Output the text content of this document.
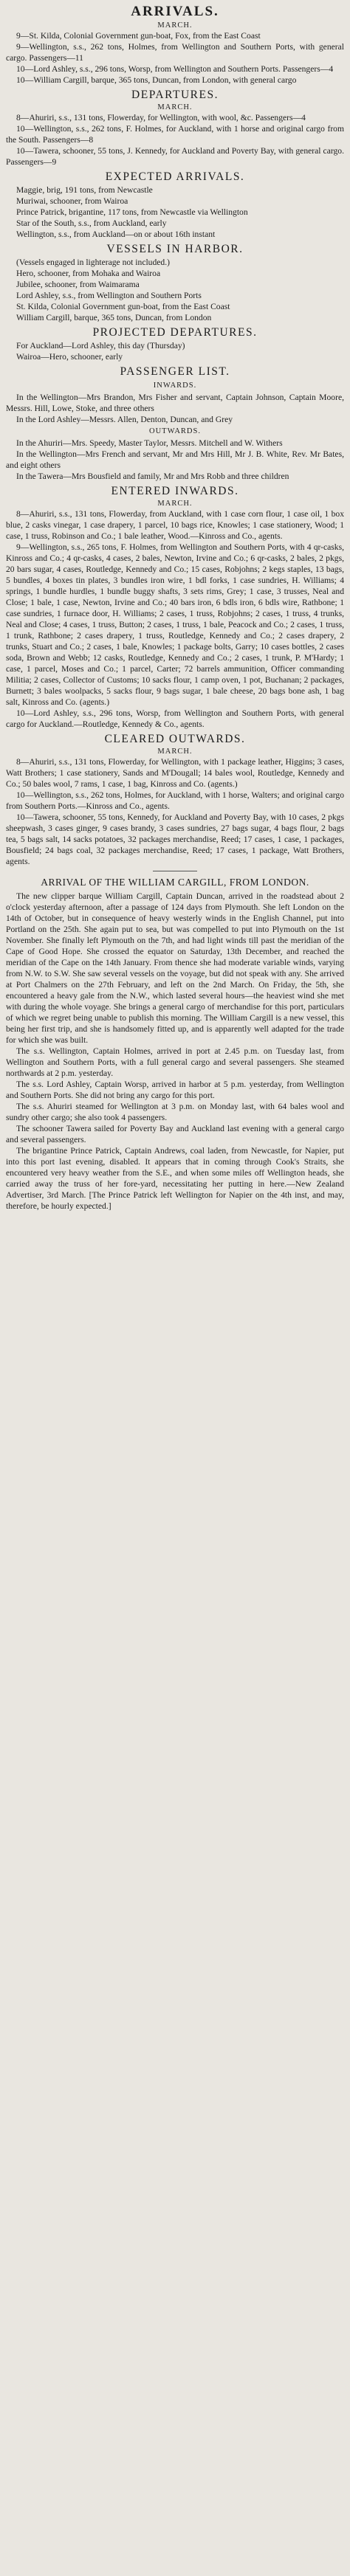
ARRIVALS.
MARCH.

9—St. Kilda, Colonial Government gun-boat, Fox, from the East Coast

9—Wellington, s.s., 262 tons, Holmes, from Wellington and Southern Ports, with general cargo. Passengers—11

10—Lord Ashley, s.s., 296 tons, Worsp, from Wellington and Southern Ports. Passengers—4

10—William Cargill, barque, 365 tons, Duncan, from London, with general cargo

DEPARTURES.
MARCH.

8—Ahuriri, s.s., 131 tons, Flowerday, for Wellington, with wool, &c. Passengers—4

10—Wellington, s.s., 262 tons, F. Holmes, for Auckland, with 1 horse and original cargo from the South. Passengers—8

10—Tawera, schooner, 55 tons, J. Kennedy, for Auckland and Poverty Bay, with general cargo. Passengers—9

EXPECTED ARRIVALS.

Maggie, brig, 191 tons, from Newcastle

Muriwai, schooner, from Wairoa

Prince Patrick, brigantine, 117 tons, from Newcastle via Wellington

Star of the South, s.s., from Auckland, early

Wellington, s.s., from Auckland—on or about 16th instant

VESSELS IN HARBOR.

(Vessels engaged in lighterage not included.)

Hero, schooner, from Mohaka and Wairoa

Jubilee, schooner, from Waimarama

Lord Ashley, s.s., from Wellington and Southern Ports

St. Kilda, Colonial Government gun-boat, from the East Coast

William Cargill, barque, 365 tons, Duncan, from London

PROJECTED DEPARTURES.

For Auckland—Lord Ashley, this day (Thursday)

Wairoa—Hero, schooner, early

PASSENGER LIST.
INWARDS.

In the Wellington—Mrs Brandon, Mrs Fisher and servant, Captain Johnson, Captain Moore, Messrs. Hill, Lowe, Stoke, and three others

In the Lord Ashley—Messrs. Allen, Denton, Duncan, and Grey

OUTWARDS.

In the Ahuriri—Mrs. Speedy, Master Taylor, Messrs. Mitchell and W. Withers

In the Wellington—Mrs French and servant, Mr and Mrs Hill, Mr J. B. White, Rev. Mr Bates, and eight others

In the Tawera—Mrs Bousfield and family, Mr and Mrs Robb and three children

ENTERED INWARDS.
MARCH.

8—Ahuriri, s.s., 131 tons, Flowerday, from Auckland, with 1 case corn flour, 1 case oil, 1 box blue, 2 casks vinegar, 1 case drapery, 1 parcel, 10 bags rice, Knowles; 1 case stationery, Wood; 1 case, 1 truss, Robinson and Co.; 1 bale leather, Wood.—Kinross and Co., agents.

9—Wellington, s.s., 265 tons, F. Holmes, from Wellington and Southern Ports, with 4 qr-casks, Kinross and Co.; 4 qr-casks, 4 cases, 2 bales, Newton, Irvine and Co.; 6 qr-casks, 2 bales, 2 pkgs, 20 bars sugar, 4 cases, Routledge, Kennedy and Co.; 15 cases, Robjohns; 2 kegs staples, 13 bags, 5 bundles, 4 boxes tin plates, 3 bundles iron wire, 1 bdl forks, 1 case sundries, H. Williams; 4 springs, 1 bundle hurdles, 1 bundle buggy shafts, 3 sets rims, Grey; 1 case, 3 trusses, Neal and Close; 1 bale, 1 case, Newton, Irvine and Co.; 40 bars iron, 6 bdls iron, 6 bdls wire, Rathbone; 1 case sundries, 1 furnace door, H. Williams; 2 cases, 1 truss, Robjohns; 2 cases, 1 truss, 4 trunks, Neal and Close; 4 cases, 1 truss, Button; 2 cases, 1 truss, 1 bale, Peacock and Co.; 2 cases, 1 truss, 1 trunk, Rathbone; 2 cases drapery, 1 truss, Routledge, Kennedy and Co.; 2 cases drapery, 2 trunks, Stuart and Co.; 2 cases, 1 bale, Knowles; 1 package bolts, Garry; 10 cases bottles, 2 cases soda, Brown and Webb; 12 casks, Routledge, Kennedy and Co.; 2 cases, 1 trunk, P. M'Hardy; 1 case, 1 parcel, Moses and Co.; 1 parcel, Carter; 72 barrels ammunition, Officer commanding Militia; 2 cases, Collector of Customs; 10 sacks flour, 1 camp oven, 1 pot, Buchanan; 2 packages, Burnett; 3 bales woolpacks, 5 sacks flour, 9 bags sugar, 1 bale cheese, 20 bags bone ash, 1 bag salt, Kinross and Co. (agents.)

10—Lord Ashley, s.s., 296 tons, Worsp, from Wellington and Southern Ports, with general cargo for Auckland.—Routledge, Kennedy & Co., agents.

CLEARED OUTWARDS.
MARCH.

8—Ahuriri, s.s., 131 tons, Flowerday, for Wellington, with 1 package leather, Higgins; 3 cases, Watt Brothers; 1 case stationery, Sands and M'Dougall; 14 bales wool, Routledge, Kennedy and Co.; 50 bales wool, 7 rams, 1 case, 1 bag, Kinross and Co. (agents.)

10—Wellington, s.s., 262 tons, Holmes, for Auckland, with 1 horse, Walters; and original cargo from Southern Ports.—Kinross and Co., agents.

10—Tawera, schooner, 55 tons, Kennedy, for Auckland and Poverty Bay, with 10 cases, 2 pkgs sheepwash, 3 cases ginger, 9 cases brandy, 3 cases sundries, 27 bags sugar, 4 bags flour, 2 bags tea, 5 bags salt, 14 sacks potatoes, 32 packages merchandise, Reed; 17 cases, 1 case, 1 packages, Bousfield; 24 bags coal, 32 packages merchandise, Reed; 17 cases, 1 package, Watt Brothers, agents.

ARRIVAL OF THE WILLIAM CARGILL, FROM LONDON.

The new clipper barque William Cargill, Captain Duncan, arrived in the roadstead about 2 o'clock yesterday afternoon, after a passage of 124 days from Plymouth. She left London on the 14th of October, but in consequence of heavy westerly winds in the English Channel, put into Portland on the 25th. She again put to sea, but was compelled to put into Plymouth on the 1st November. She finally left Plymouth on the 7th, and had light winds till past the meridian of the Cape of Good Hope. She crossed the equator on Saturday, 13th December, and reached the meridian of the Cape on the 14th January. From thence she had moderate variable winds, varying from N.W. to S.W. She saw several vessels on the voyage, but did not speak with any. She arrived at Port Chalmers on the 27th February, and left on the 2nd March. On Friday, the 5th, she encountered a heavy gale from the N.W., which lasted several hours—the heaviest wind she met with during the whole voyage. She brings a general cargo of merchandise for this port, particulars of which we regret being unable to publish this morning. The William Cargill is a new vessel, this being her first trip, and she is handsomely fitted up, and is apparently well adapted for the trade for which she was built.

The s.s. Wellington, Captain Holmes, arrived in port at 2.45 p.m. on Tuesday last, from Wellington and Southern Ports, with a full general cargo and several passengers. She steamed northwards at 2 p.m. yesterday.

The s.s. Lord Ashley, Captain Worsp, arrived in harbor at 5 p.m. yesterday, from Wellington and Southern Ports. She did not bring any cargo for this port.

The s.s. Ahuriri steamed for Wellington at 3 p.m. on Monday last, with 64 bales wool and sundry other cargo; she also took 4 passengers.

The schooner Tawera sailed for Poverty Bay and Auckland last evening with a general cargo and several passengers.

The brigantine Prince Patrick, Captain Andrews, coal laden, from Newcastle, for Napier, put into this port last evening, disabled. It appears that in coming through Cook's Straits, she encountered very heavy weather from the S.E., and when some miles off Wellington heads, she carried away the truss of her fore-yard, necessitating her putting in here.—New Zealand Advertiser, 3rd March. [The Prince Patrick left Wellington for Napier on the 4th inst, and may, therefore, be hourly expected.]
